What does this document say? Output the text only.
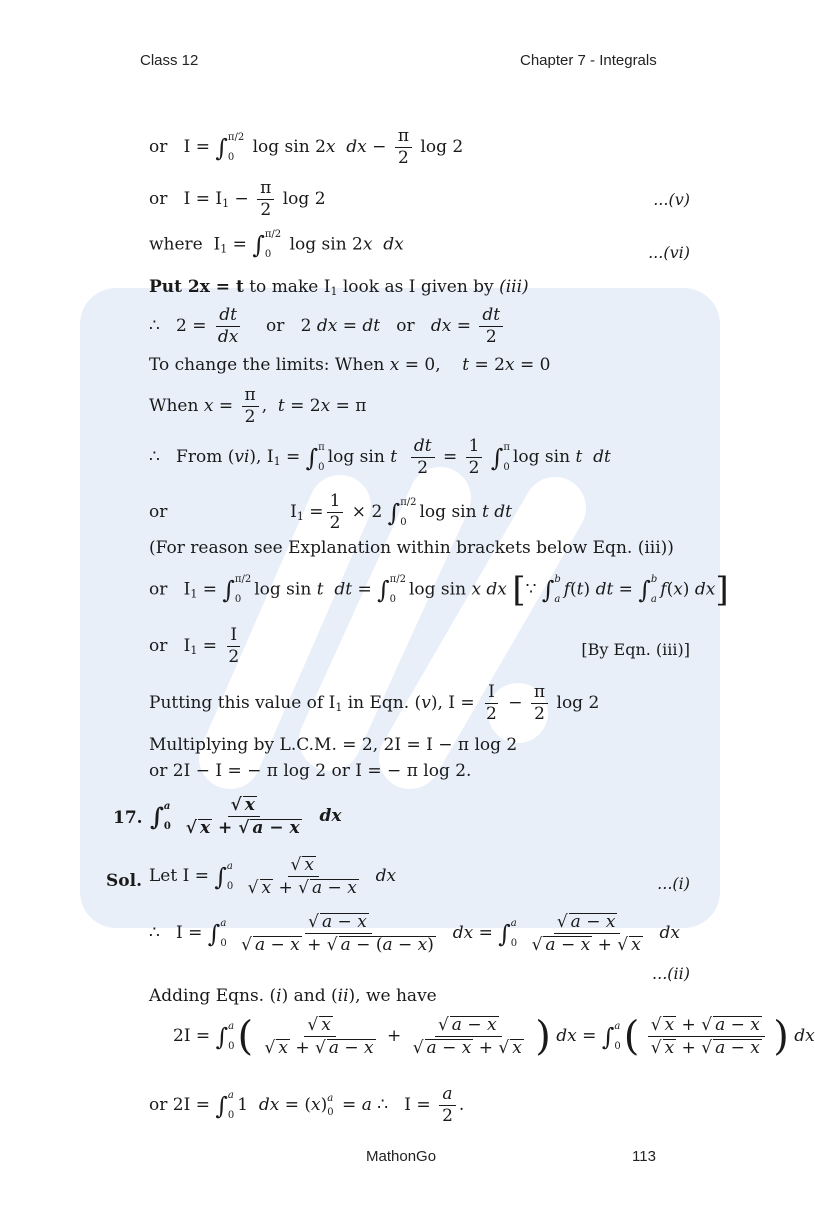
Class 12	Chapter 7 - Integrals
or   I = ∫ π/2
0 log sin 2x dx − $\frac{\pi}{2}$ log 2
or   $I = I_1 - \frac{\pi}{2}$ log 2	...(v)
where  $I_1$ = ∫ π/2
0 log sin 2x dx	...(vi)
Put 2x = t to make $I_1$ look as I given by (iii)
∴   $2 = \frac{dt}{dx}$ or   2 dx = dt   or   dx = $\frac{dt}{2}$
To change the limits: When x = 0,    t = 2x = 0
When $x = \frac{\pi}{2}$ ,  t = 2x = π
∴   From (vi), $I_1$ = ∫ π
0 log sin t $\frac{dt}{2} = \frac{1}{2}$ ∫ π
0 log sin t dt
or	$I_1 = \frac{1}{2} \times 2$ ∫ π/2
0 log sin t dt
(For reason see Explanation within brackets below Eqn. (iii))
or   $I_1$ = ∫ π/2
0 log sin t dt = ∫ π/2
0 log sin x dx [∵ ∫ b
a f(t) dt = ∫ b
a f(x) dx]
or   $I_1 = \frac{I}{2}$	[By Eqn. (iii)]
Putting this value of $I_1$ in Eqn. (v), $I = \frac{I}{2} - \frac{\pi}{2}$ log 2
Multiplying by L.C.M. = 2, 2I = I − π log 2
or 2I − I = − π log 2 or I = − π log 2.
17. ∫ a
0
$\frac{√ x}{√ x + √ a - x}$ dx
Sol. Let I = ∫ a
0
$\frac{√ x}{√ x + √ a - x}$ dx	...(i)
∴   I = ∫ a
0
$\frac{√ a - x}{√ a - x + √ a - (a - x)}$ dx = ∫ a
0
$\frac{√ a - x}{√ a - x + √ x}$ dx
...(ii)
Adding Eqns. (i) and (ii), we have
2I = ∫ a
0 ( $\frac{√ x}{√ x + √ a - x} + \frac{√ a - x}{√ a - x + √ x}$ ) dx = ∫ a
0 ( $\frac{√ x + √ a - x}{√ x + √ a - x}$ ) dx
or 2I = ∫ a
0 1  dx = (x) a
0 = a ∴   $I = \frac{a}{2}$ .
MathonGo	113
